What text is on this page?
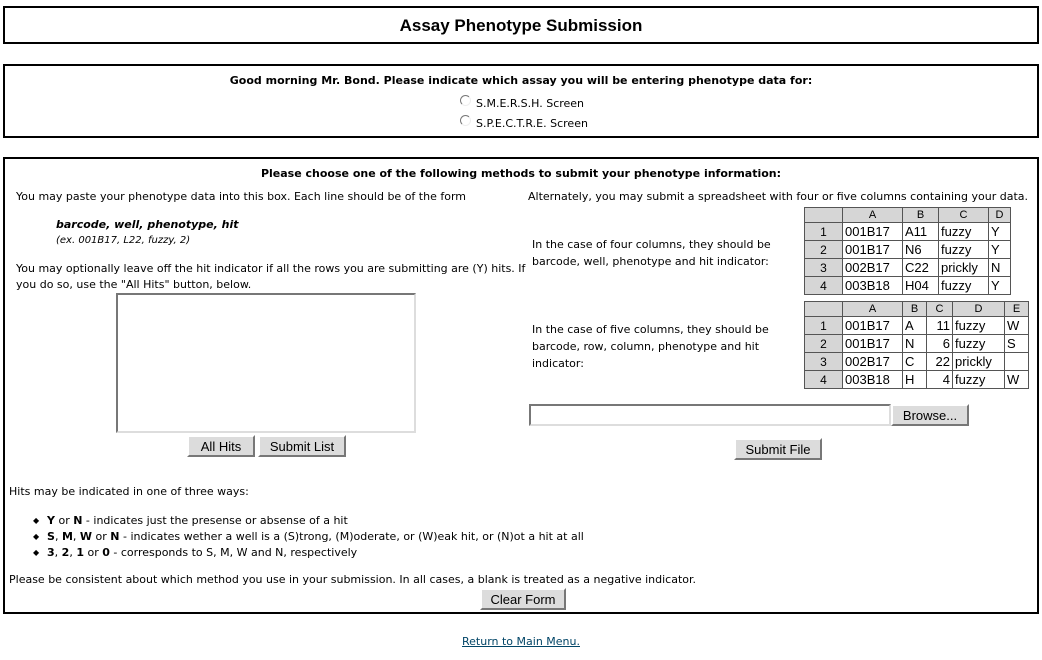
Assay Phenotype Submission
Good morning Mr. Bond. Please indicate which assay you will be entering phenotype data for:
S.M.E.R.S.H. Screen
S.P.E.C.T.R.E. Screen
Please choose one of the following methods to submit your phenotype information:
You may paste your phenotype data into this box. Each line should be of the form
barcode, well, phenotype, hit
(ex. 001B17, L22, fuzzy, 2)
You may optionally leave off the hit indicator if all the rows you are submitting are (Y) hits. If
you do so, use the "All Hits" button, below.
All Hits	Submit List
Alternately, you may submit a spreadsheet with four or five columns containing your data.
In the case of four columns, they should be
barcode, well, phenotype and hit indicator:
	A	B	C	D
1	001B17	A11	fuzzy	Y
2	001B17	N6	fuzzy	Y
3	002B17	C22	prickly	N
4	003B18	H04	fuzzy	Y
In the case of five columns, they should be
barcode, row, column, phenotype and hit
indicator:
	A	B	C	D	E
1	001B17	A	11	fuzzy	W
2	001B17	N	6	fuzzy	S
3	002B17	C	22	prickly	
4	003B18	H	4	fuzzy	W
Browse...
Submit File
Hits may be indicated in one of three ways:
◆ Y or N - indicates just the presense or absense of a hit
◆ S, M, W or N - indicates wether a well is a (S)trong, (M)oderate, or (W)eak hit, or (N)ot a hit at all
◆ 3, 2, 1 or 0 - corresponds to S, M, W and N, respectively
Please be consistent about which method you use in your submission. In all cases, a blank is treated as a negative indicator.
Clear Form
Return to Main Menu.
